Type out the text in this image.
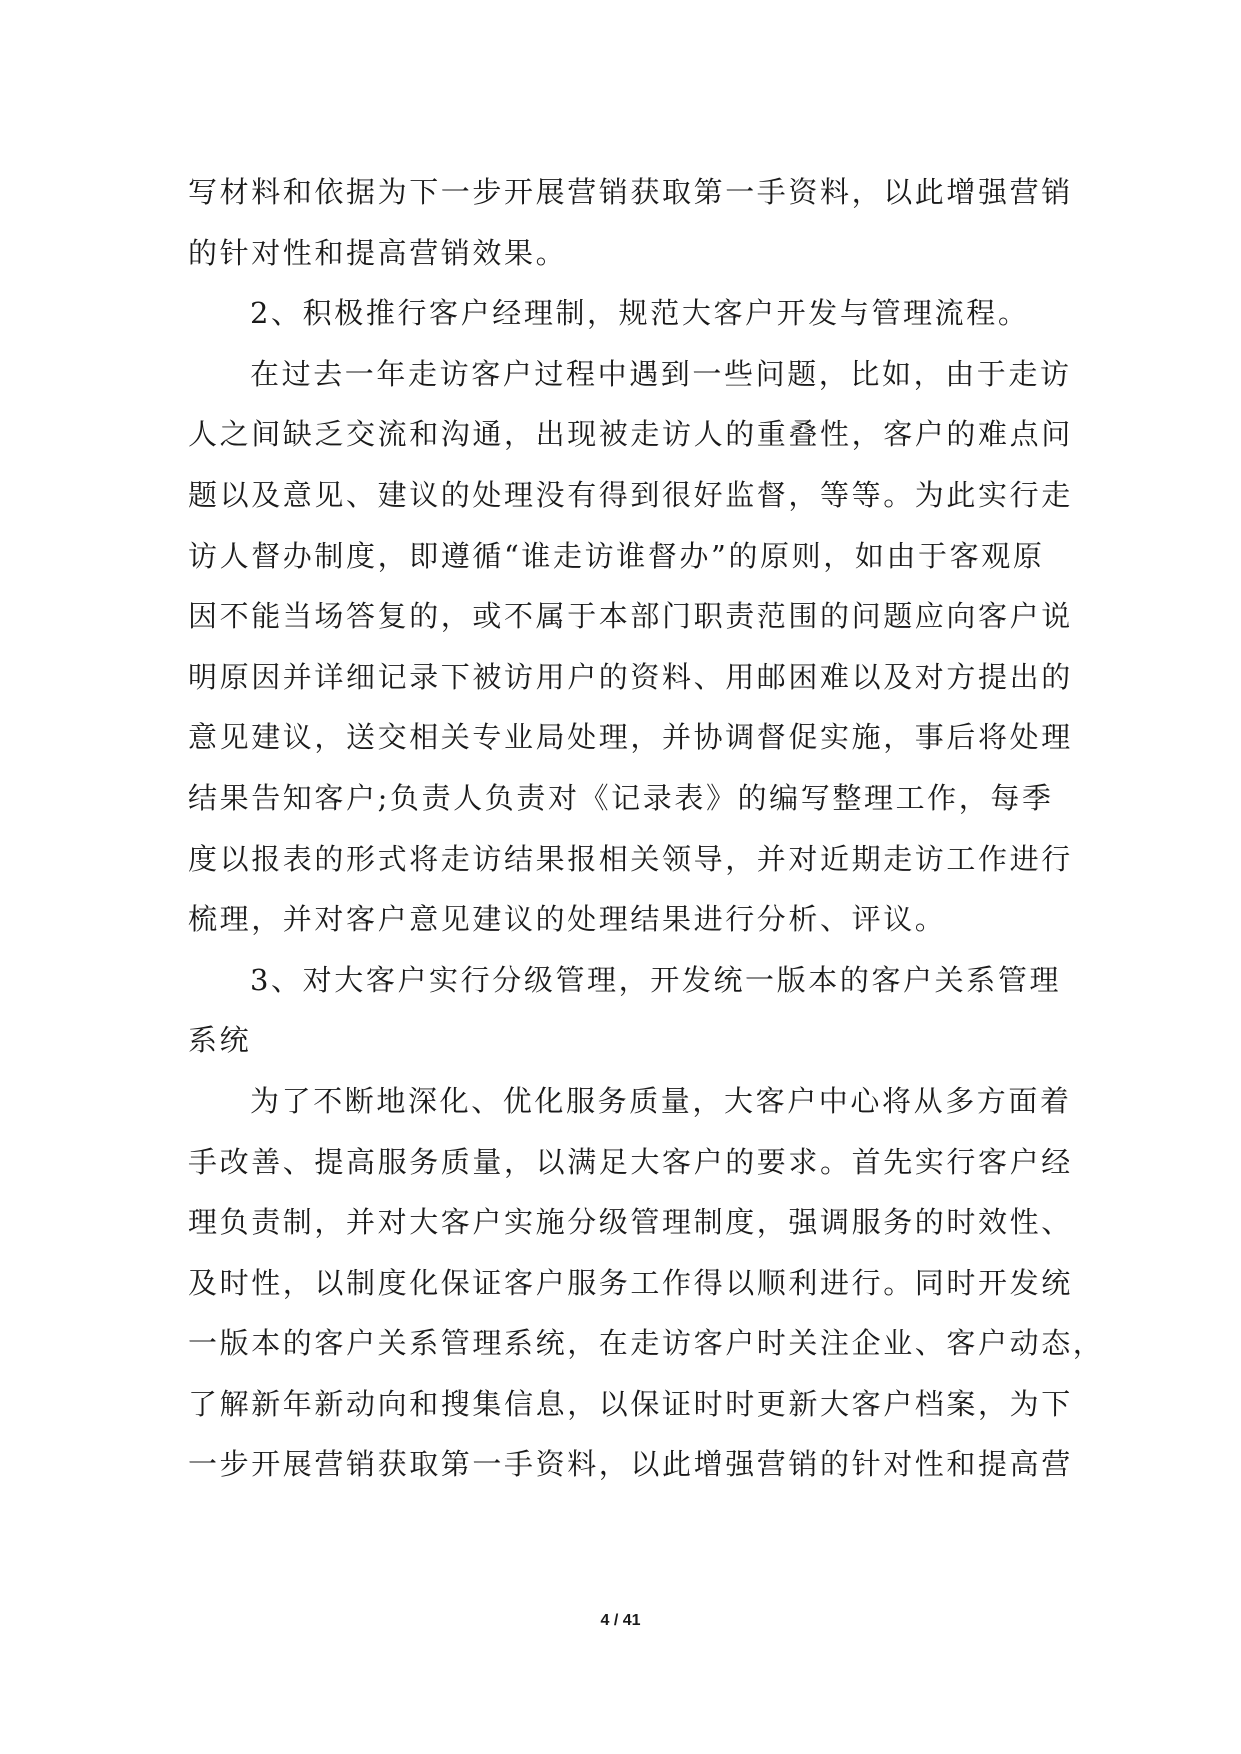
写材料和依据为下一步开展营销获取第一手资料，以此增强营销
的针对性和提高营销效果。
2、积极推行客户经理制，规范大客户开发与管理流程。
在过去一年走访客户过程中遇到一些问题，比如，由于走访
人之间缺乏交流和沟通，出现被走访人的重叠性，客户的难点问
题以及意见、建议的处理没有得到很好监督，等等。为此实行走
访人督办制度，即遵循“谁走访谁督办”的原则，如由于客观原
因不能当场答复的，或不属于本部门职责范围的问题应向客户说
明原因并详细记录下被访用户的资料、用邮困难以及对方提出的
意见建议，送交相关专业局处理，并协调督促实施，事后将处理
结果告知客户;负责人负责对《记录表》的编写整理工作，每季
度以报表的形式将走访结果报相关领导，并对近期走访工作进行
梳理，并对客户意见建议的处理结果进行分析、评议。
3、对大客户实行分级管理，开发统一版本的客户关系管理
系统
为了不断地深化、优化服务质量，大客户中心将从多方面着
手改善、提高服务质量，以满足大客户的要求。首先实行客户经
理负责制，并对大客户实施分级管理制度，强调服务的时效性、
及时性，以制度化保证客户服务工作得以顺利进行。同时开发统
一版本的客户关系管理系统，在走访客户时关注企业、客户动态，
了解新年新动向和搜集信息，以保证时时更新大客户档案，为下
一步开展营销获取第一手资料，以此增强营销的针对性和提高营
4 / 41
